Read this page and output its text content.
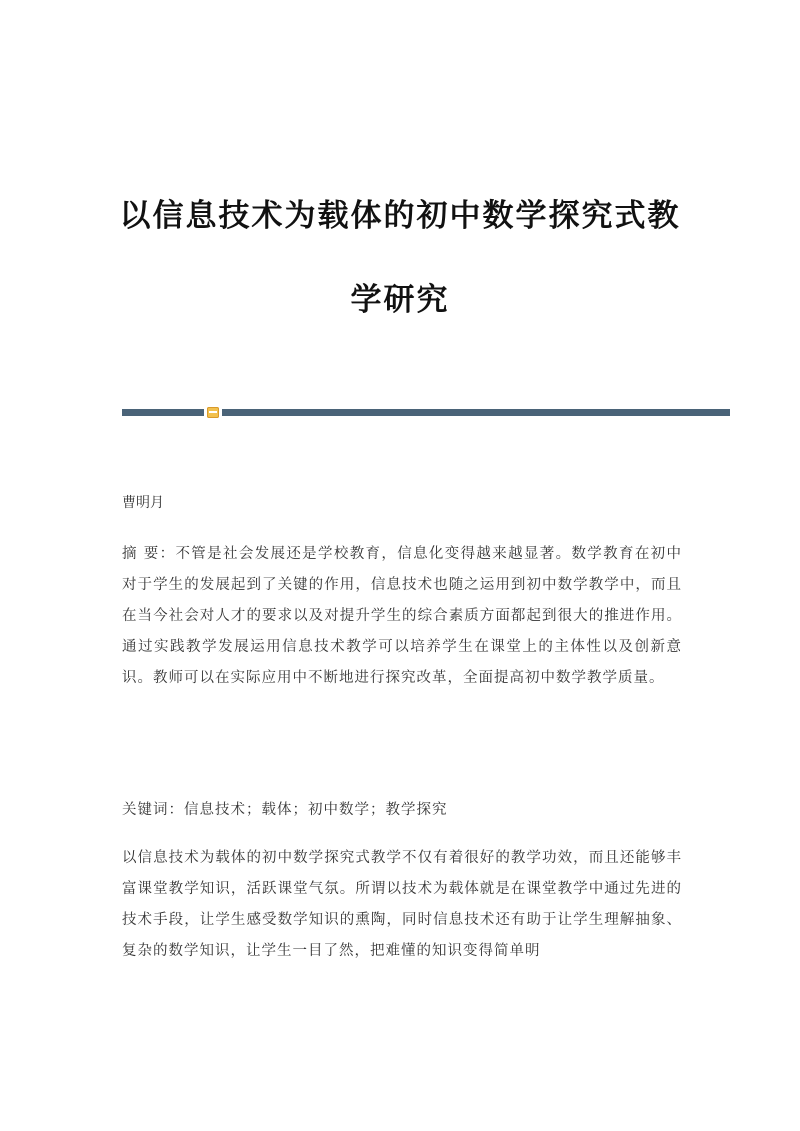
以信息技术为载体的初中数学探究式教
学研究
曹明月

摘 要：不管是社会发展还是学校教育，信息化变得越来越显著。数学教育在初中对于学生的发展起到了关键的作用，信息技术也随之运用到初中数学教学中，而且在当今社会对人才的要求以及对提升学生的综合素质方面都起到很大的推进作用。通过实践教学发展运用信息技术教学可以培养学生在课堂上的主体性以及创新意识。教师可以在实际应用中不断地进行探究改革，全面提高初中数学教学质量。

关键词：信息技术；载体；初中数学；教学探究

以信息技术为载体的初中数学探究式教学不仅有着很好的教学功效，而且还能够丰富课堂教学知识，活跃课堂气氛。所谓以技术为载体就是在课堂教学中通过先进的技术手段，让学生感受数学知识的熏陶，同时信息技术还有助于让学生理解抽象、复杂的数学知识，让学生一目了然，把难懂的知识变得简单明
